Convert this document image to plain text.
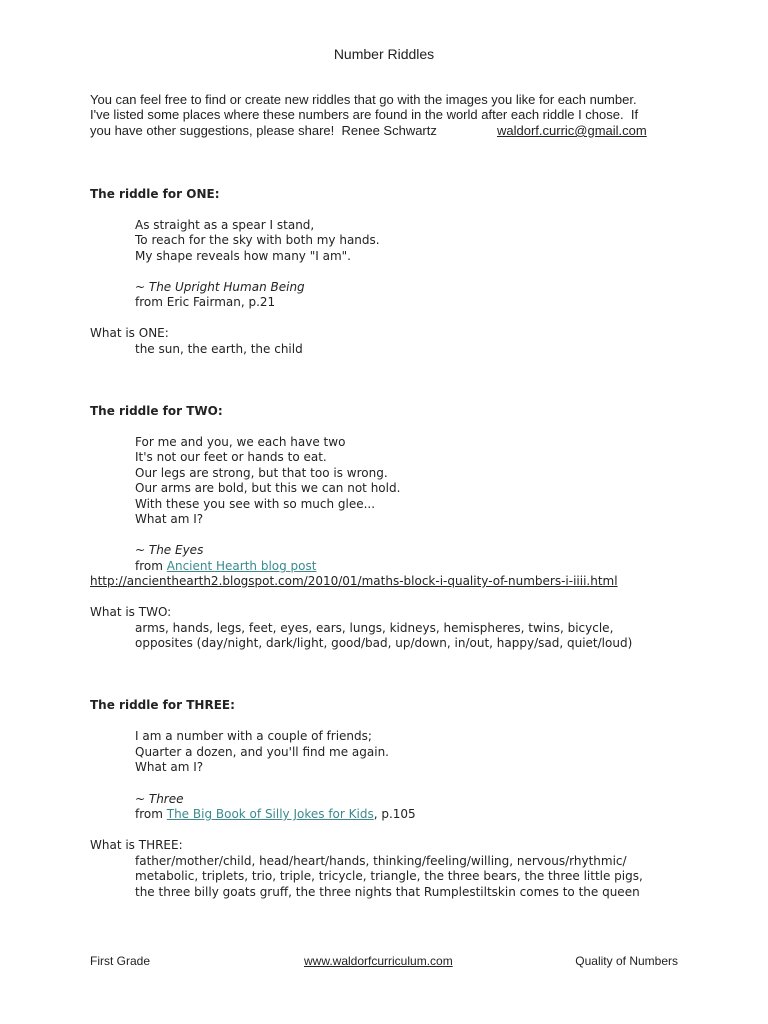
Number Riddles
You can feel free to find or create new riddles that go with the images you like for each number.
I've listed some places where these numbers are found in the world after each riddle I chose.  If
you have other suggestions, please share!  Renee Schwartz	waldorf.curric@gmail.com
The riddle for ONE:
As straight as a spear I stand,
To reach for the sky with both my hands.
My shape reveals how many "I am".
~ The Upright Human Being
from Eric Fairman, p.21
What is ONE:
the sun, the earth, the child
The riddle for TWO:
For me and you, we each have two
It's not our feet or hands to eat.
Our legs are strong, but that too is wrong.
Our arms are bold, but this we can not hold.
With these you see with so much glee...
What am I?
~ The Eyes
from Ancient Hearth blog post
http://ancienthearth2.blogspot.com/2010/01/maths-block-i-quality-of-numbers-i-iiii.html
What is TWO:
arms, hands, legs, feet, eyes, ears, lungs, kidneys, hemispheres, twins, bicycle,
opposites (day/night, dark/light, good/bad, up/down, in/out, happy/sad, quiet/loud)
The riddle for THREE:
I am a number with a couple of friends;
Quarter a dozen, and you'll find me again.
What am I?
~ Three
from The Big Book of Silly Jokes for Kids, p.105
What is THREE:
father/mother/child, head/heart/hands, thinking/feeling/willing, nervous/rhythmic/
metabolic, triplets, trio, triple, tricycle, triangle, the three bears, the three little pigs,
the three billy goats gruff, the three nights that Rumplestiltskin comes to the queen
First Grade	www.waldorfcurriculum.com	Quality of Numbers
